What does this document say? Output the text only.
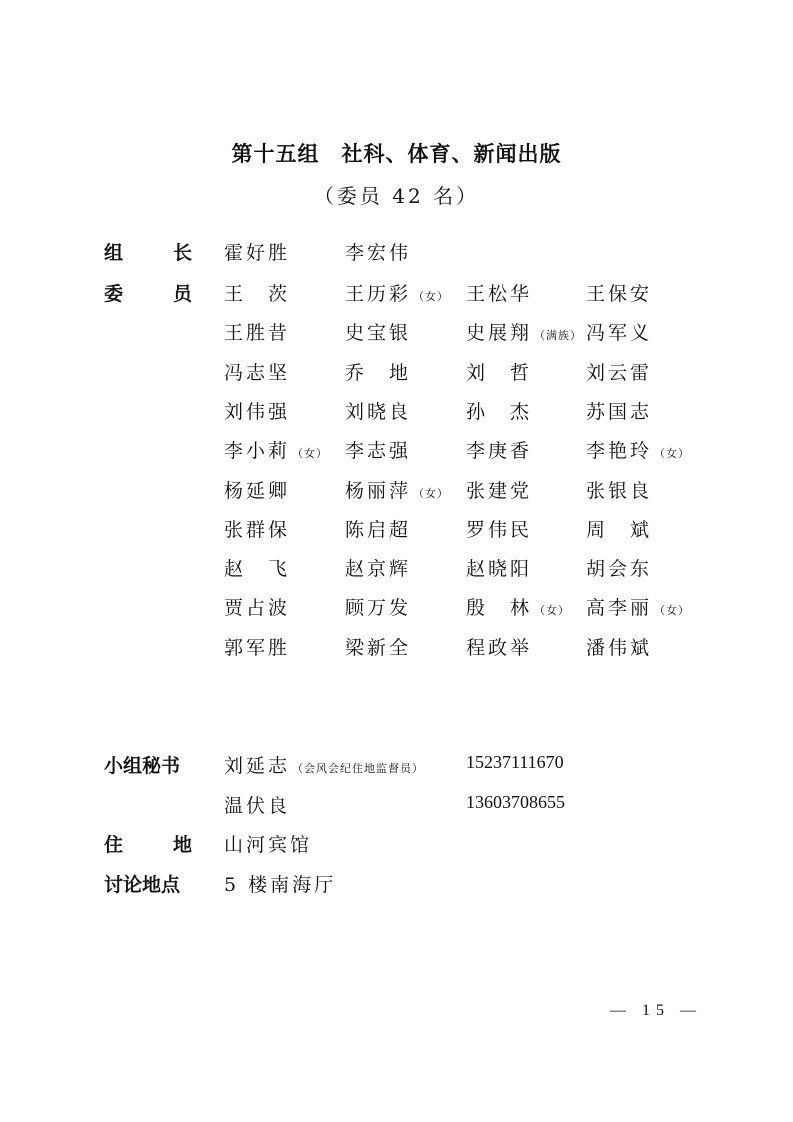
第十五组　社科、体育、新闻出版
（委员 42 名）
组	长 霍好胜	李宏伟
委	员 王　茨	王历彩 （女） 王松华	王保安
王胜昔	史宝银	史展翔 （满族） 冯军义
冯志坚	乔　地	刘　哲	刘云雷
刘伟强	刘晓良	孙　杰	苏国志
李小莉 （女） 李志强	李庚香	李艳玲 （女）
杨延卿	杨丽萍 （女） 张建党	张银良
张群保	陈启超	罗伟民	周　斌
赵　飞	赵京辉	赵晓阳	胡会东
贾占波	顾万发	殷　林 （女） 高李丽 （女）
郭军胜	梁新全	程政举	潘伟斌
小组秘书 刘延志 （会风会纪住地监督员） 15237111670
温伏良	13603708655
住	地 山河宾馆
讨论地点 5 楼南海厅
— 15 —
